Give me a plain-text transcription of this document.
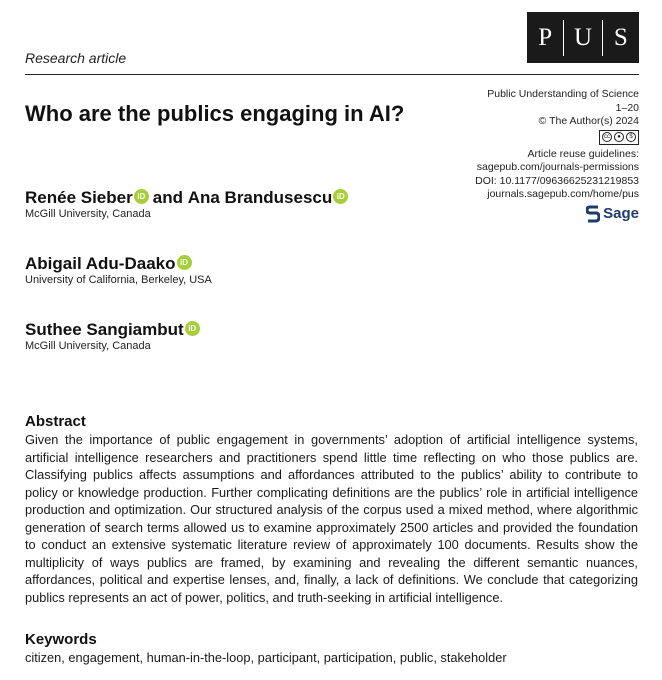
P U S
Research article
Who are the publics engaging in AI?
Public Understanding of Science
1–20
© The Author(s) 2024
cc	●	$
Article reuse guidelines:
sagepub.com/journals-permissions
DOI: 10.1177/09636625231219853
journals.sagepub.com/home/pus
Sage
Renée Sieber iD and
Ana Brandusescu iD
McGill University, Canada
Abigail Adu-Daako iD
University of California, Berkeley, USA
Suthee Sangiambut iD
McGill University, Canada
Abstract

Given the importance of public engagement in governments’ adoption of artificial intelligence systems, artificial intelligence researchers and practitioners spend little time reflecting on who those publics are. Classifying publics affects assumptions and affordances attributed to the publics’ ability to contribute to policy or knowledge production. Further complicating definitions are the publics’ role in artificial intelligence production and optimization. Our structured analysis of the corpus used a mixed method, where algorithmic generation of search terms allowed us to examine approximately 2500 articles and provided the foundation to conduct an extensive systematic literature review of approximately 100 documents. Results show the multiplicity of ways publics are framed, by examining and revealing the different semantic nuances, affordances, political and expertise lenses, and, finally, a lack of definitions. We conclude that categorizing publics represents an act of power, politics, and truth-seeking in artificial intelligence.

Keywords
citizen, engagement, human-in-the-loop, participant, participation, public, stakeholder
